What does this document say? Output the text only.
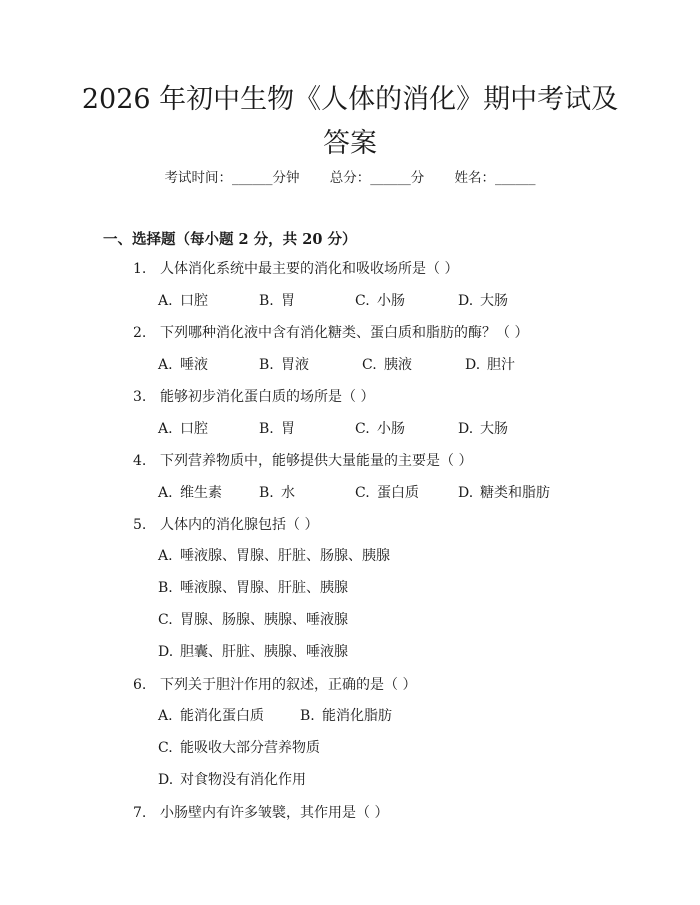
2026 年初中生物《人体的消化》期中考试及
答案
考试时间：______分钟 总分：______分 姓名：______
一、选择题（每小题 2 分，共 20 分）
1. 人体消化系统中最主要的消化和吸收场所是（ ）
A. 口腔	B. 胃	C. 小肠	D. 大肠
2. 下列哪种消化液中含有消化糖类、蛋白质和脂肪的酶？（ ）
A. 唾液	B. 胃液	C. 胰液	D. 胆汁
3. 能够初步消化蛋白质的场所是（ ）
A. 口腔	B. 胃	C. 小肠	D. 大肠
4. 下列营养物质中，能够提供大量能量的主要是（ ）
A. 维生素	B. 水	C. 蛋白质	D. 糖类和脂肪
5. 人体内的消化腺包括（ ）
A. 唾液腺、胃腺、肝脏、肠腺、胰腺
B. 唾液腺、胃腺、肝脏、胰腺
C. 胃腺、肠腺、胰腺、唾液腺
D. 胆囊、肝脏、胰腺、唾液腺
6. 下列关于胆汁作用的叙述，正确的是（ ）
A. 能消化蛋白质	B. 能消化脂肪
C. 能吸收大部分营养物质
D. 对食物没有消化作用
7. 小肠壁内有许多皱襞，其作用是（ ）
